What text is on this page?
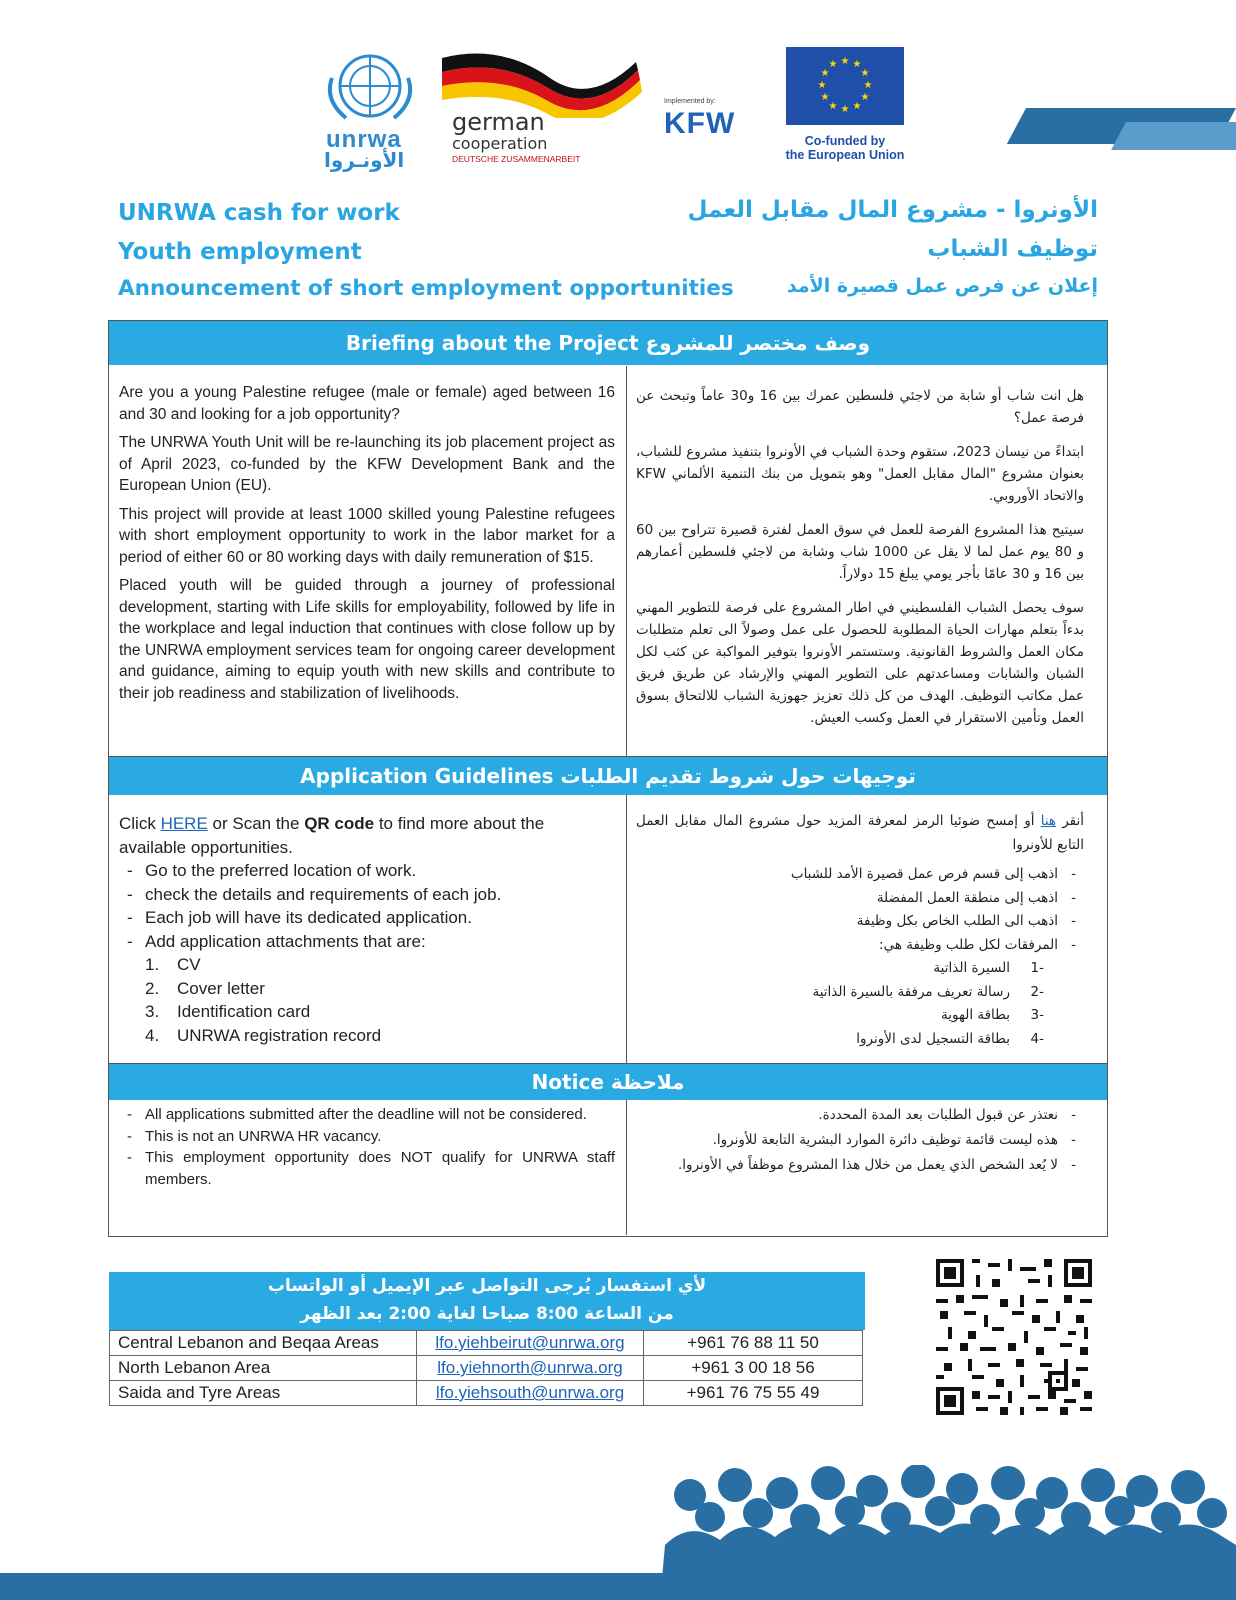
unrwa
الأونـروا
german
cooperation
DEUTSCHE ZUSAMMENARBEIT
Implemented by:
KFW
★ ★
★
★
★
★
★
★
★
★
★
★
Co-funded by
the European Union
UNRWA cash for work
Youth employment
Announcement of short employment opportunities
الأونروا - مشروع المال مقابل العمل
توظيف الشباب
إعلان عن فرص عمل قصيرة الأمد
Briefing about the Project وصف مختصر للمشروع

Are you a young Palestine refugee (male or female) aged between 16 and 30 and looking for a job opportunity?

The UNRWA Youth Unit will be re-launching its job placement project as of April 2023, co-funded by the KFW Development Bank and the European Union (EU).

This project will provide at least 1000 skilled young Palestine refugees with short employment opportunity to work in the labor market for a period of either 60 or 80 working days with daily remuneration of $15.

Placed youth will be guided through a journey of professional development, starting with Life skills for employability, followed by life in the workplace and legal induction that continues with close follow up by the UNRWA employment services team for ongoing career development and guidance, aiming to equip youth with new skills and contribute to their job readiness and stabilization of livelihoods.

هل انت شاب أو شابة من لاجئي فلسطين عمرك بين 16 و30 عاماً وتبحث عن فرصة عمل؟

ابتداءً من نيسان 2023، ستقوم وحدة الشباب في الأونروا بتنفيذ مشروع للشباب، بعنوان مشروع "المال مقابل العمل" وهو بتمويل من بنك التنمية الألماني KFW والاتحاد الأوروبي.

سيتيح هذا المشروع الفرصة للعمل في سوق العمل لفترة قصيرة تتراوح بين 60 و 80 يوم عمل لما لا يقل عن 1000 شاب وشابة من لاجئي فلسطين أعمارهم بين 16 و 30 عامًا بأجر يومي يبلغ 15 دولاراً.

سوف يحصل الشباب الفلسطيني في اطار المشروع على فرصة للتطوير المهني بدءاً بتعلم مهارات الحياة المطلوبة للحصول على عمل وصولاً الى تعلم متطلبات مكان العمل والشروط القانونية. وستستمر الأونروا بتوفير المواكبة عن كثب لكل الشبان والشابات ومساعدتهم على التطوير المهني والإرشاد عن طريق فريق عمل مكاتب التوظيف. الهدف من كل ذلك تعزيز جهوزية الشباب للالتحاق بسوق العمل وتأمين الاستقرار في العمل وكسب العيش.

Application Guidelines توجيهات حول شروط تقديم الطلبات
Click HERE or Scan the QR code to find more about the available opportunities.
- Go to the preferred location of work.
- check the details and requirements of each job.
- Each job will have its dedicated application.
- Add application attachments that are:
1. CV
2. Cover letter
3. Identification card
4. UNRWA registration record
أنقر هنا أو إمسح ضوئيا الرمز لمعرفة المزيد حول مشروع المال مقابل العمل التابع للأونروا
- اذهب إلى قسم فرص عمل قصيرة الأمد للشباب
- اذهب إلى منطقة العمل المفضلة
- اذهب الى الطلب الخاص بكل وظيفة
- المرفقات لكل طلب وظيفة هي:
-1
السيرة الذاتية
-2
رسالة تعريف مرفقة بالسيرة الذاتية
-3
بطاقة الهوية
-4
بطاقة التسجيل لدى الأونروا
Notice ملاحظة
- All applications submitted after the deadline will not be considered.
- This is not an UNRWA HR vacancy.
- This employment opportunity does NOT qualify for UNRWA staff members.
- نعتذر عن قبول الطلبات بعد المدة المحددة.
- هذه ليست قائمة توظيف دائرة الموارد البشرية التابعة للأونروا.
- لا يُعد الشخص الذي يعمل من خلال هذا المشروع موظفاً في الأونروا.
لأي استفسار يُرجى التواصل عبر الإيميل أو الواتساب
من الساعة 8:00 صباحا لغاية 2:00 بعد الظهر
Central Lebanon and Beqaa Areas	lfo.yiehbeirut@unrwa.org	+961 76 88 11 50
North Lebanon Area	lfo.yiehnorth@unrwa.org	+961 3 00 18 56
Saida and Tyre Areas	lfo.yiehsouth@unrwa.org	+961 76 75 55 49
